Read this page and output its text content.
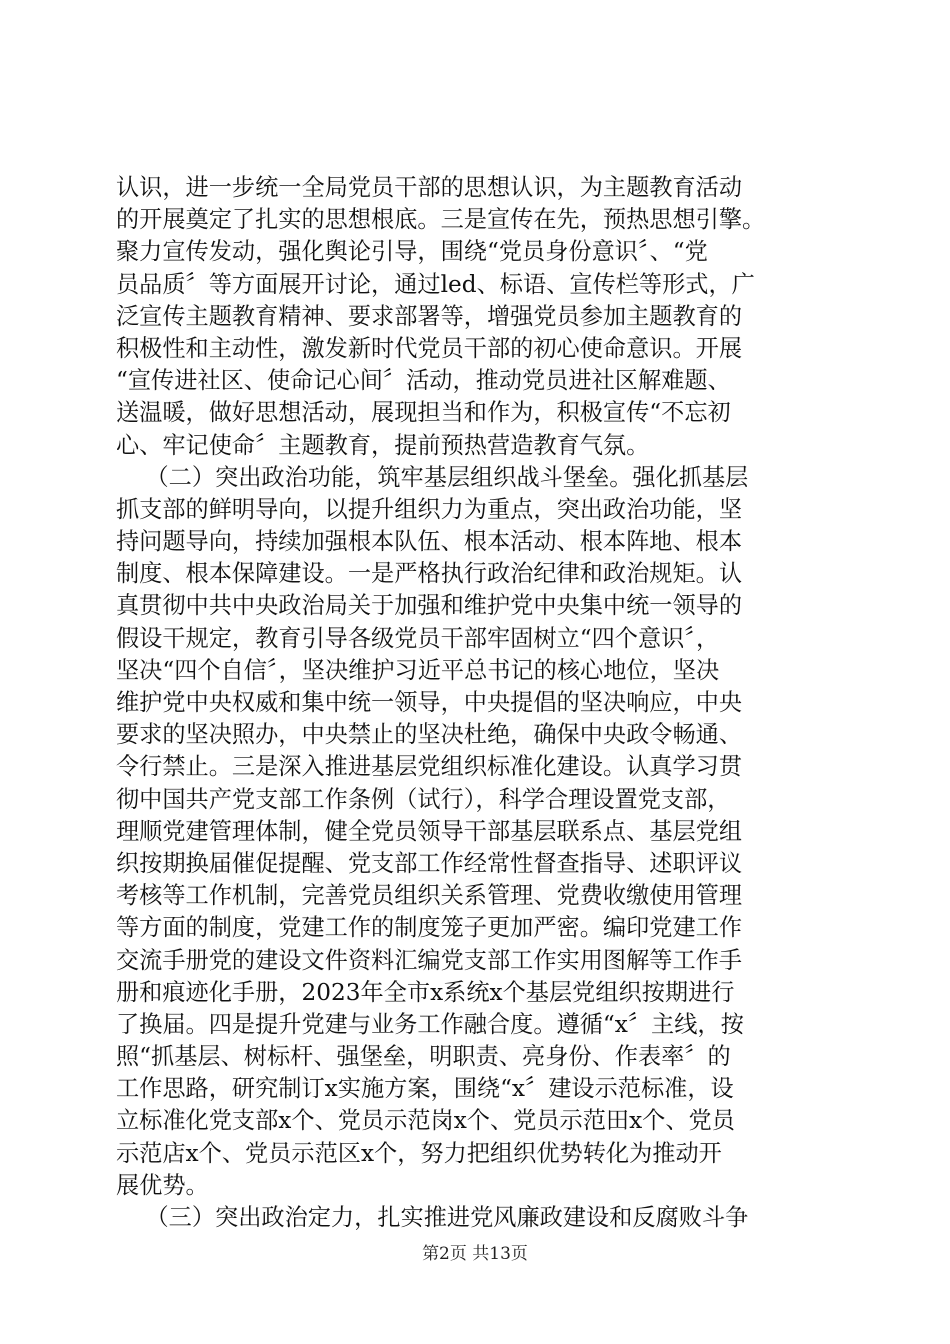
认识，进一步统一全局党员干部的思想认识，为主题教育活动
的开展奠定了扎实的思想根底。三是宣传在先，预热思想引擎。
聚力宣传发动，强化舆论引导，围绕“党员身份意识〞、“党
员品质〞等方面展开讨论，通过led、标语、宣传栏等形式，广
泛宣传主题教育精神、要求部署等，增强党员参加主题教育的
积极性和主动性，激发新时代党员干部的初心使命意识。开展
“宣传进社区、使命记心间〞活动，推动党员进社区解难题、
送温暖，做好思想活动，展现担当和作为，积极宣传“不忘初
心、牢记使命〞主题教育，提前预热营造教育气氛。
（二）突出政治功能，筑牢基层组织战斗堡垒。强化抓基层
抓支部的鲜明导向，以提升组织力为重点，突出政治功能，坚
持问题导向，持续加强根本队伍、根本活动、根本阵地、根本
制度、根本保障建设。一是严格执行政治纪律和政治规矩。认
真贯彻中共中央政治局关于加强和维护党中央集中统一领导的
假设干规定，教育引导各级党员干部牢固树立“四个意识〞，
坚决“四个自信〞，坚决维护习近平总书记的核心地位，坚决
维护党中央权威和集中统一领导，中央提倡的坚决响应，中央
要求的坚决照办，中央禁止的坚决杜绝，确保中央政令畅通、
令行禁止。三是深入推进基层党组织标准化建设。认真学习贯
彻中国共产党支部工作条例（试行），科学合理设置党支部，
理顺党建管理体制，健全党员领导干部基层联系点、基层党组
织按期换届催促提醒、党支部工作经常性督查指导、述职评议
考核等工作机制，完善党员组织关系管理、党费收缴使用管理
等方面的制度，党建工作的制度笼子更加严密。编印党建工作
交流手册党的建设文件资料汇编党支部工作实用图解等工作手
册和痕迹化手册，2023年全市x系统x个基层党组织按期进行
了换届。四是提升党建与业务工作融合度。遵循“x〞主线，按
照“抓基层、树标杆、强堡垒，明职责、亮身份、作表率〞的
工作思路，研究制订x实施方案，围绕“x〞建设示范标准，设
立标准化党支部x个、党员示范岗x个、党员示范田x个、党员
示范店x个、党员示范区x个，努力把组织优势转化为推动开
展优势。
（三）突出政治定力，扎实推进党风廉政建设和反腐败斗争
第2页 共13页
